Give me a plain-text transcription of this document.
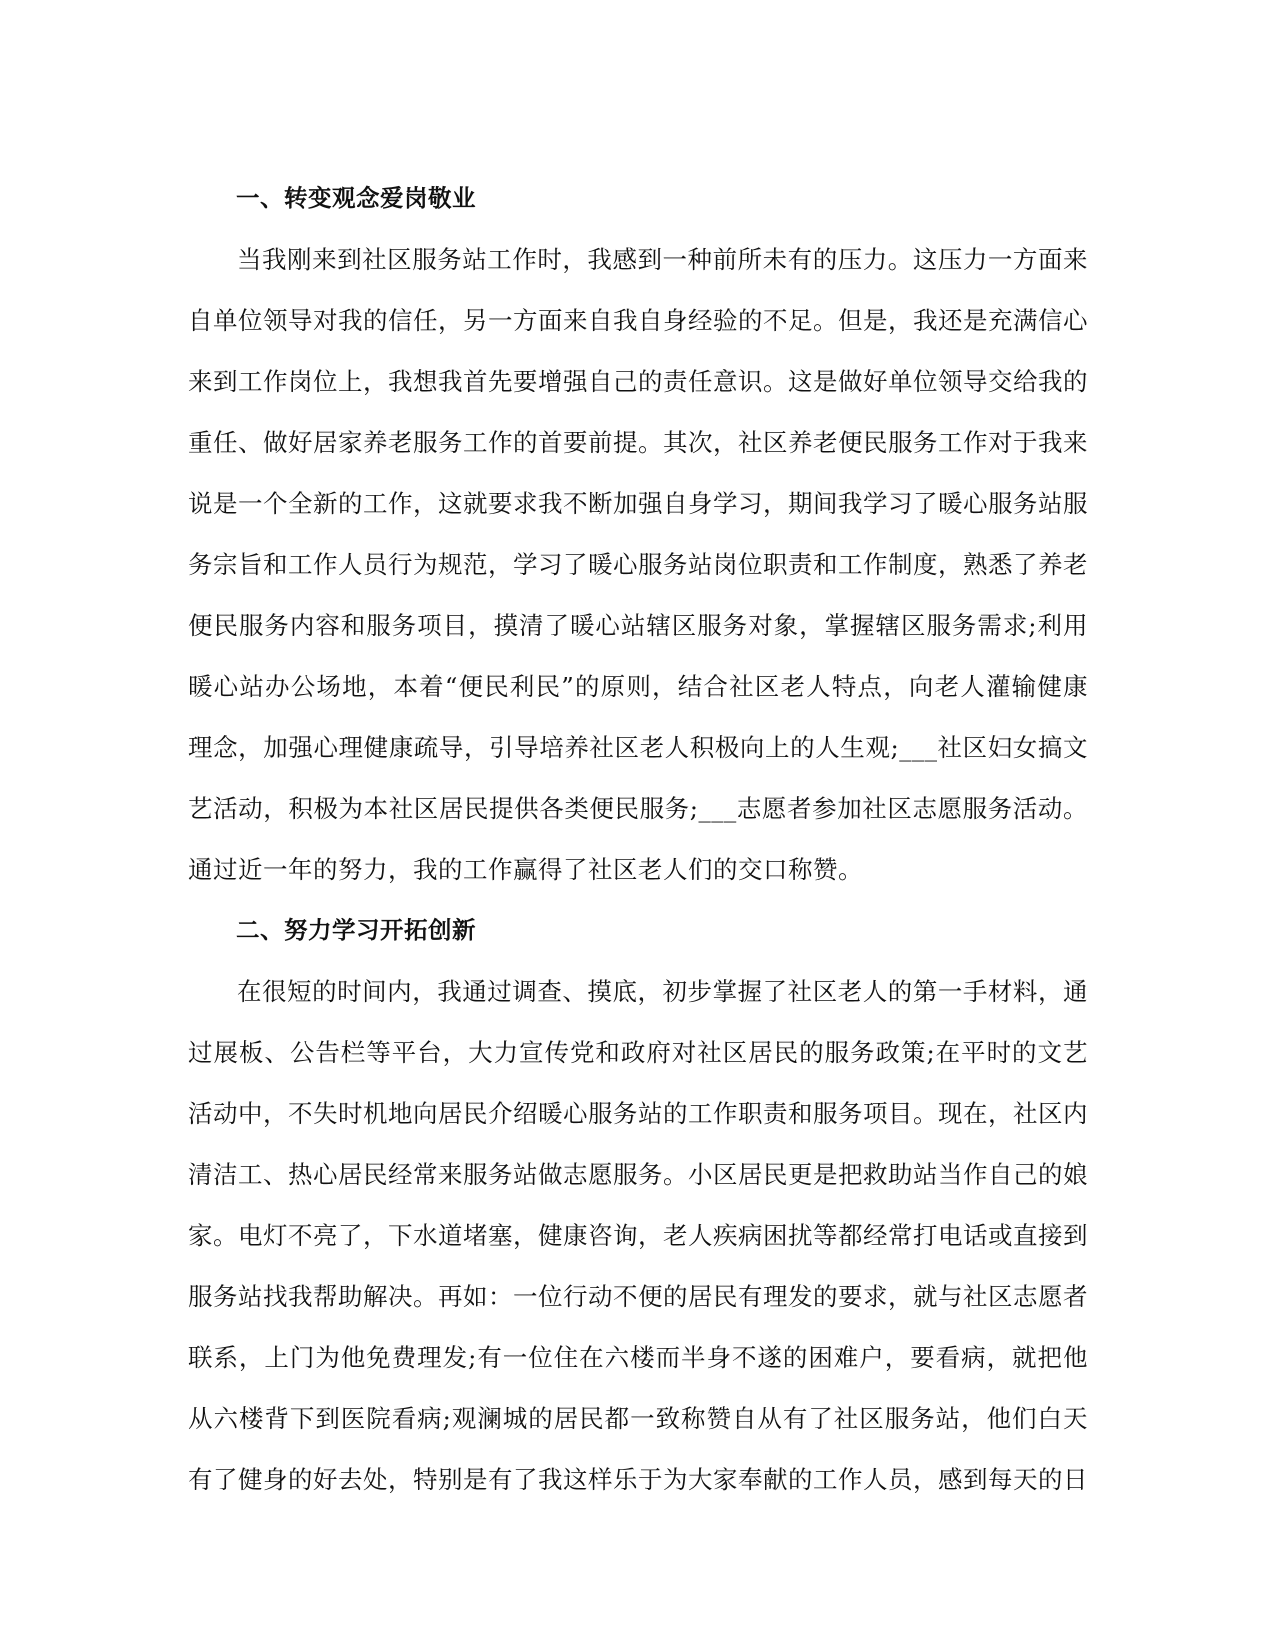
一、转变观念爱岗敬业

当我刚来到社区服务站工作时，我感到一种前所未有的压力。这压力一方面来自单位领导对我的信任，另一方面来自我自身经验的不足。但是，我还是充满信心来到工作岗位上，我想我首先要增强自己的责任意识。这是做好单位领导交给我的重任、做好居家养老服务工作的首要前提。其次，社区养老便民服务工作对于我来说是一个全新的工作，这就要求我不断加强自身学习，期间我学习了暖心服务站服务宗旨和工作人员行为规范，学习了暖心服务站岗位职责和工作制度，熟悉了养老便民服务内容和服务项目，摸清了暖心站辖区服务对象，掌握辖区服务需求;利用暖心站办公场地，本着“便民利民”的原则，结合社区老人特点，向老人灌输健康理念，加强心理健康疏导，引导培养社区老人积极向上的人生观;___社区妇女搞文艺活动，积极为本社区居民提供各类便民服务;___志愿者参加社区志愿服务活动。通过近一年的努力，我的工作赢得了社区老人们的交口称赞。

二、努力学习开拓创新

在很短的时间内，我通过调查、摸底，初步掌握了社区老人的第一手材料，通过展板、公告栏等平台，大力宣传党和政府对社区居民的服务政策;在平时的文艺活动中，不失时机地向居民介绍暖心服务站的工作职责和服务项目。现在，社区内清洁工、热心居民经常来服务站做志愿服务。小区居民更是把救助站当作自己的娘家。电灯不亮了，下水道堵塞，健康咨询，老人疾病困扰等都经常打电话或直接到服务站找我帮助解决。再如：一位行动不便的居民有理发的要求，就与社区志愿者联系，上门为他免费理发;有一位住在六楼而半身不遂的困难户，要看病，就把他从六楼背下到医院看病;观澜城的居民都一致称赞自从有了社区服务站，他们白天有了健身的好去处，特别是有了我这样乐于为大家奉献的工作人员，感到每天的日
